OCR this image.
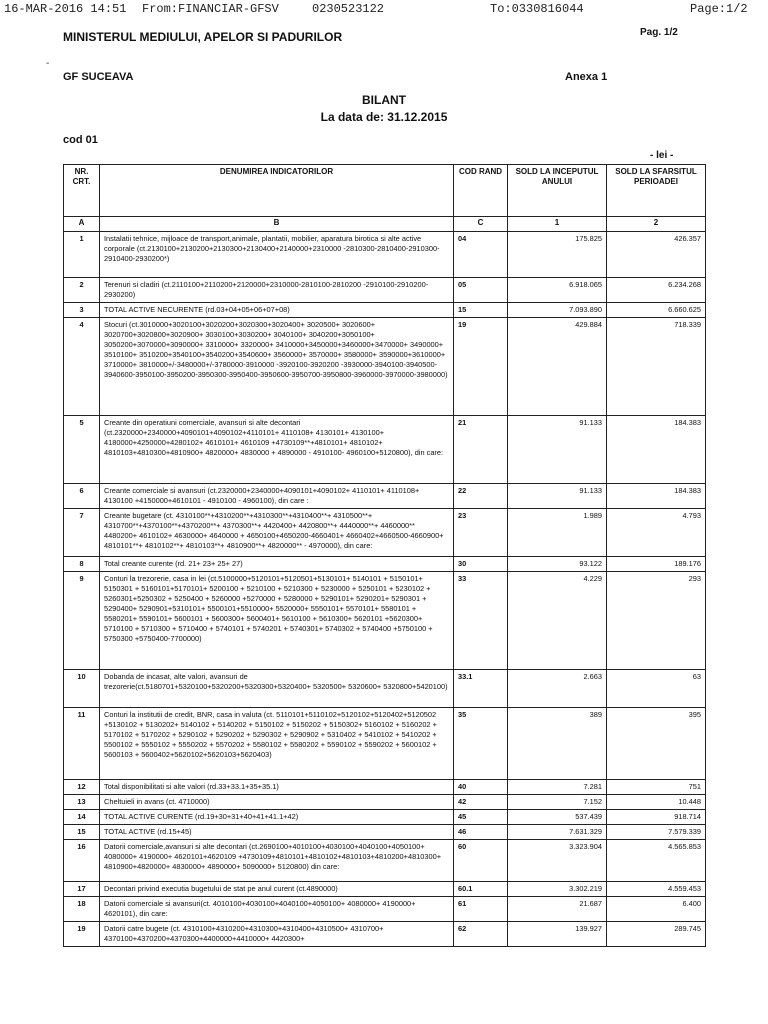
16-MAR-2016 14:51 From:FINANCIAR-GFSV	0230523122	To:0330816044	Page:1/2
MINISTERUL MEDIULUI, APELOR SI PADURILOR	Pag. 1/2
-
GF SUCEAVA	Anexa 1
BILANT
La data de: 31.12.2015
cod 01
- lei -
NR. CRT.	DENUMIREA INDICATORILOR	COD RAND	SOLD LA INCEPUTUL ANULUI	SOLD LA SFARSITUL PERIOADEI
A	B	C	1	2
1	Instalatii tehnice, mijloace de transport,animale, plantatii, mobilier, aparatura birotica si alte active corporale (ct.2130100+2130200+2130300+2130400+2140000+2310000 -2810300-2810400-2910300-2910400-2930200*)	04	175.825	426.357
2	Terenuri si cladiri (ct.2110100+2110200+2120000+2310000-2810100-2810200 -2910100-2910200-2930200)	05	6.918.065	6.234.268
3	TOTAL ACTIVE NECURENTE (rd.03+04+05+06+07+08)	15	7.093.890	6.660.625
4	Stocuri (ct.3010000+3020100+3020200+3020300+3020400+ 3020500+ 3020600+ 3020700+3020800+3020900+ 3030100+3030200+ 3040100+ 3040200+3050100+ 3050200+3070000+3090000+ 3310000+ 3320000+ 3410000+3450000+3460000+3470000+ 3490000+ 3510100+ 3510200+3540100+3540200+3540600+ 3560000+ 3570000+ 3580000+ 3590000+3610000+ 3710000+ 3810000+/-3480000+/-3780000-3910000 -3920100-3920200 -3930000-3940100-3940500-3940600-3950100-3950200-3950300-3950400-3950600-3950700-3950800-3960000-3970000-3980000)	19	429.884	718.339
5	Creante din operatiuni comerciale, avansuri si alte decontari (ct.2320000+2340000+4090101+4090102+4110101+ 4110108+ 4130101+ 4130100+ 4180000+4250000+4280102+ 4610101+ 4610109 +4730109**+4810101+ 4810102+ 4810103+4810300+4810900+ 4820000+ 4830000 + 4890000 - 4910100- 4960100+5120800), din care:	21	91.133	184.383
6	Creante comerciale si avansuri (ct.2320000+2340000+4090101+4090102+ 4110101+ 4110108+ 4130100 +4150000+4610101 - 4910100 - 4960100), din care :	22	91.133	184.383
7	Creante bugetare (ct. 4310100**+4310200**+4310300**+4310400**+ 4310500**+ 4310700**+4370100**+4370200**+ 4370300**+ 4420400+ 4420800**+ 4440000**+ 4460000** 4480200+ 4610102+ 4630000+ 4640000 + 4650100+4650200-4660401+ 4660402+4660500-4660900+ 4810101**+ 4810102**+ 4810103**+ 4810900**+ 4820000** - 4970000), din care:	23	1.989	4.793
8	Total creante curente (rd. 21+ 23+ 25+ 27)	30	93.122	189.176
9	Conturi la trezorerie, casa in lei (ct.5100000+5120101+5120501+5130101+ 5140101 + 5150101+ 5150301 + 5160101+5170101+ 5200100 + 5210100 + 5210300 + 5230000 + 5250101 + 5230102 + 5260301+5250302 + 5250400 + 5260000 +5270000 + 5280000 + 5290101+ 5290201+ 5290301 + 5290400+ 5290901+5310101+ 5500101+5510000+ 5520000+ 5550101+ 5570101+ 5580101 + 5580201+ 5590101+ 5600101 + 5600300+ 5600401+ 5610100 + 5610300+ 5620101 +5620300+ 5710100 + 5710300 + 5710400 + 5740101 + 5740201 + 5740301+ 5740302 + 5740400 +5750100 + 5750300 +5750400-7700000)	33	4.229	293
10	Dobanda de incasat, alte valori, avansuri de trezorerie(ct.5180701+5320100+5320200+5320300+5320400+ 5320500+ 5320600+ 5320800+5420100)	33.1	2.663	63
11	Conturi la institutii de credit, BNR, casa in valuta (ct. 5110101+5110102+5120102+5120402+5120502 +5130102 + 5130202+ 5140102 + 5140202 + 5150102 + 5150202 + 5150302+ 5160102 + 5160202 + 5170102 + 5170202 + 5290102 + 5290202 + 5290302 + 5290902 + 5310402 + 5410102 + 5410202 + 5500102 + 5550102 + 5550202 + 5570202 + 5580102 + 5580202 + 5590102 + 5590202 + 5600102 + 5600103 + 5600402+5620102+5620103+5620403)	35	389	395
12	Total disponibilitati si alte valori (rd.33+33.1+35+35.1)	40	7.281	751
13	Cheltuieli in avans (ct. 4710000)	42	7.152	10.448
14	TOTAL ACTIVE CURENTE (rd.19+30+31+40+41+41.1+42)	45	537.439	918.714
15	TOTAL ACTIVE (rd.15+45)	46	7.631.329	7.579.339
16	Datorii comerciale,avansuri si alte decontari (ct.2690100+4010100+4030100+4040100+4050100+ 4080000+ 4190000+ 4620101+4620109 +4730109+4810101+4810102+4810103+4810200+4810300+ 4810900+4820000+ 4830000+ 4890000+ 5090000+ 5120800) din care:	60	3.323.904	4.565.853
17	Decontari privind executia bugetului de stat pe anul curent (ct.4890000)	60.1	3.302.219	4.559.453
18	Datorii comerciale si avansuri(ct. 4010100+4030100+4040100+4050100+ 4080000+ 4190000+ 4620101), din care:	61	21.687	6.400
19	Datorii catre bugete (ct. 4310100+4310200+4310300+4310400+4310500+ 4310700+ 4370100+4370200+4370300+4400000+4410000+ 4420300+	62	139.927	289.745
